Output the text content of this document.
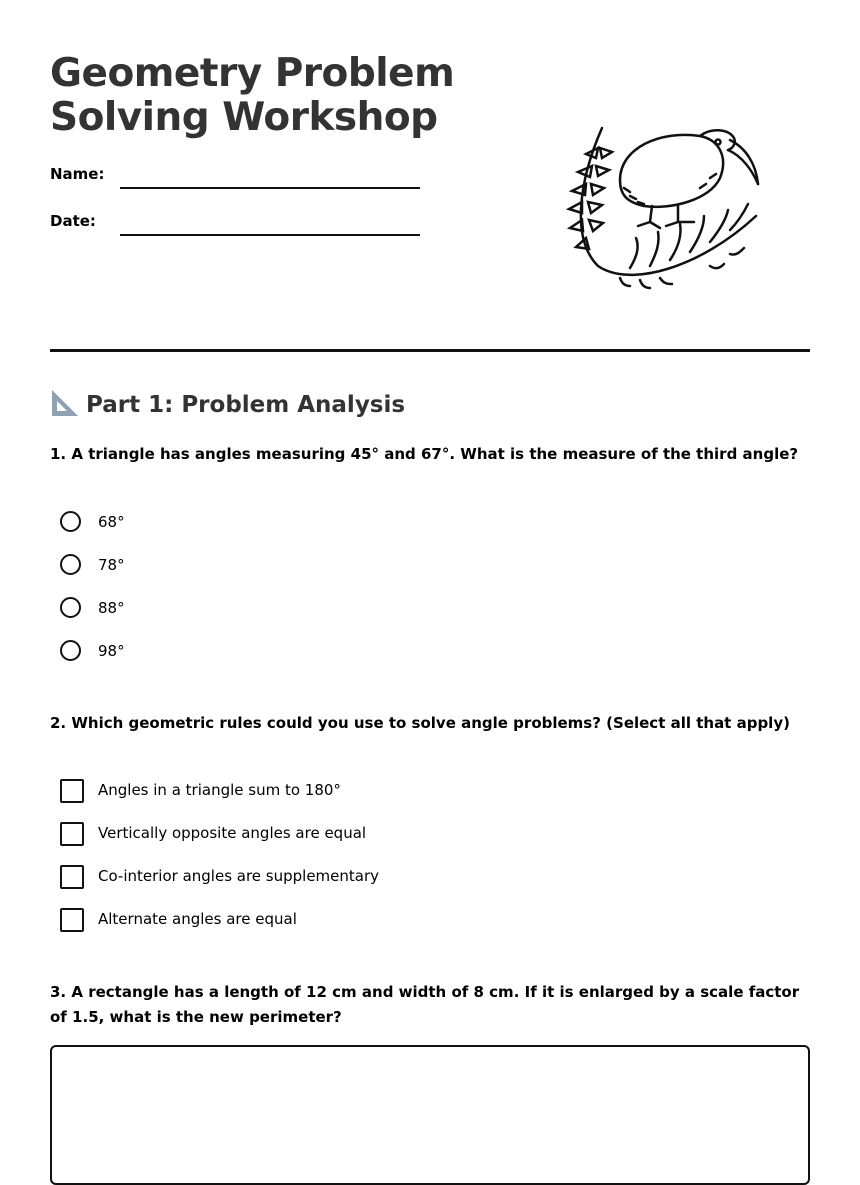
Geometry Problem
Solving Workshop
Name:
Date:
Part 1: Problem Analysis

1. A triangle has angles measuring 45° and 67°. What is the measure of the third angle?

68°
78°
88°
98°

2. Which geometric rules could you use to solve angle problems? (Select all that apply)

Angles in a triangle sum to 180°
Vertically opposite angles are equal
Co-interior angles are supplementary
Alternate angles are equal

3. A rectangle has a length of 12 cm and width of 8 cm. If it is enlarged by a scale factor of 1.5, what is the new perimeter?
